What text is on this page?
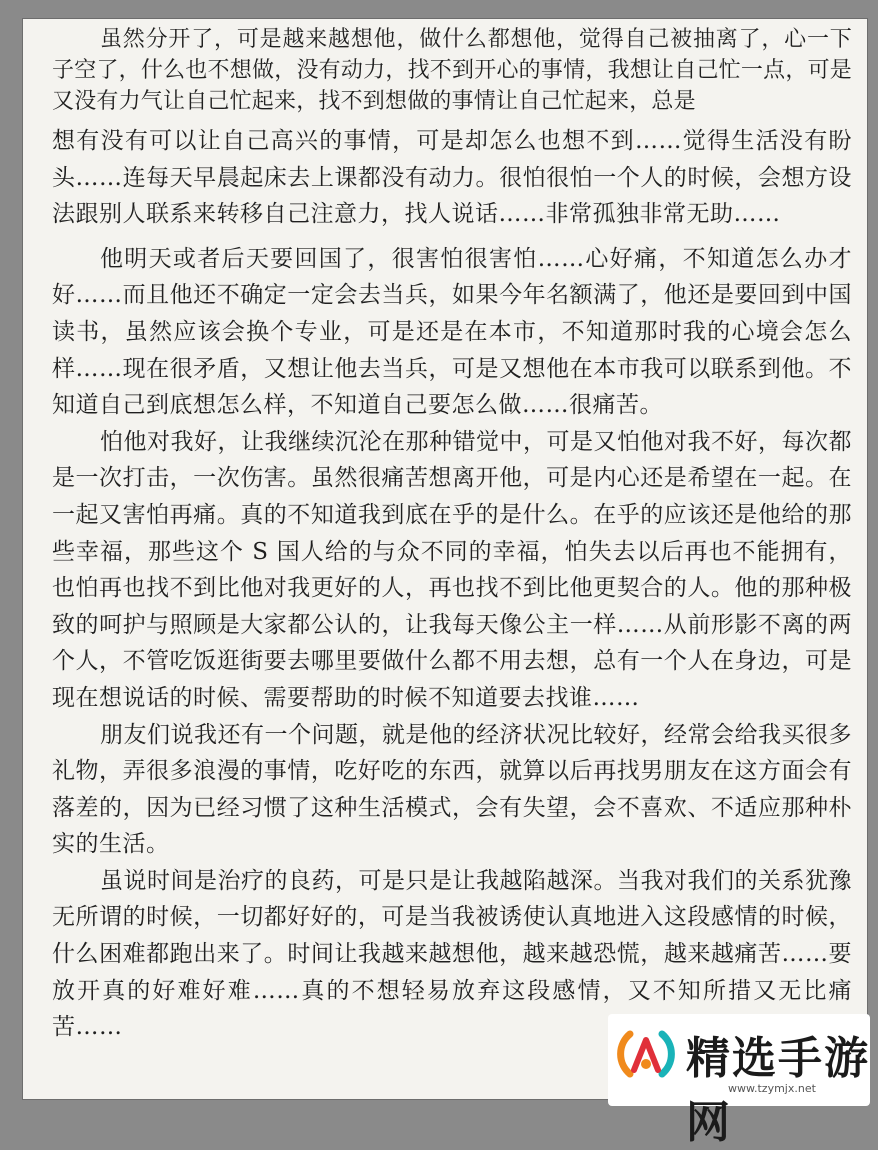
虽然分开了，可是越来越想他，做什么都想他，觉得自己被抽离了，心一下子空了，什么也不想做，没有动力，找不到开心的事情，我想让自己忙一点，可是又没有力气让自己忙起来，找不到想做的事情让自己忙起来，总是

想有没有可以让自己高兴的事情，可是却怎么也想不到……觉得生活没有盼头……连每天早晨起床去上课都没有动力。很怕很怕一个人的时候，会想方设法跟别人联系来转移自己注意力，找人说话……非常孤独非常无助……

他明天或者后天要回国了，很害怕很害怕……心好痛，不知道怎么办才好……而且他还不确定一定会去当兵，如果今年名额满了，他还是要回到中国读书，虽然应该会换个专业，可是还是在本市，不知道那时我的心境会怎么样……现在很矛盾，又想让他去当兵，可是又想他在本市我可以联系到他。不知道自己到底想怎么样，不知道自己要怎么做……很痛苦。

怕他对我好，让我继续沉沦在那种错觉中，可是又怕他对我不好，每次都是一次打击，一次伤害。虽然很痛苦想离开他，可是内心还是希望在一起。在一起又害怕再痛。真的不知道我到底在乎的是什么。在乎的应该还是他给的那些幸福，那些这个 S 国人给的与众不同的幸福，怕失去以后再也不能拥有，也怕再也找不到比他对我更好的人，再也找不到比他更契合的人。他的那种极致的呵护与照顾是大家都公认的，让我每天像公主一样……从前形影不离的两个人，不管吃饭逛街要去哪里要做什么都不用去想，总有一个人在身边，可是现在想说话的时候、需要帮助的时候不知道要去找谁……

朋友们说我还有一个问题，就是他的经济状况比较好，经常会给我买很多礼物，弄很多浪漫的事情，吃好吃的东西，就算以后再找男朋友在这方面会有落差的，因为已经习惯了这种生活模式，会有失望，会不喜欢、不适应那种朴实的生活。

虽说时间是治疗的良药，可是只是让我越陷越深。当我对我们的关系犹豫无所谓的时候，一切都好好的，可是当我被诱使认真地进入这段感情的时候，什么困难都跑出来了。时间让我越来越想他，越来越恐慌，越来越痛苦……要放开真的好难好难……真的不想轻易放弃这段感情，又不知所措又无比痛苦……

精选手游网
www.tzymjx.net
